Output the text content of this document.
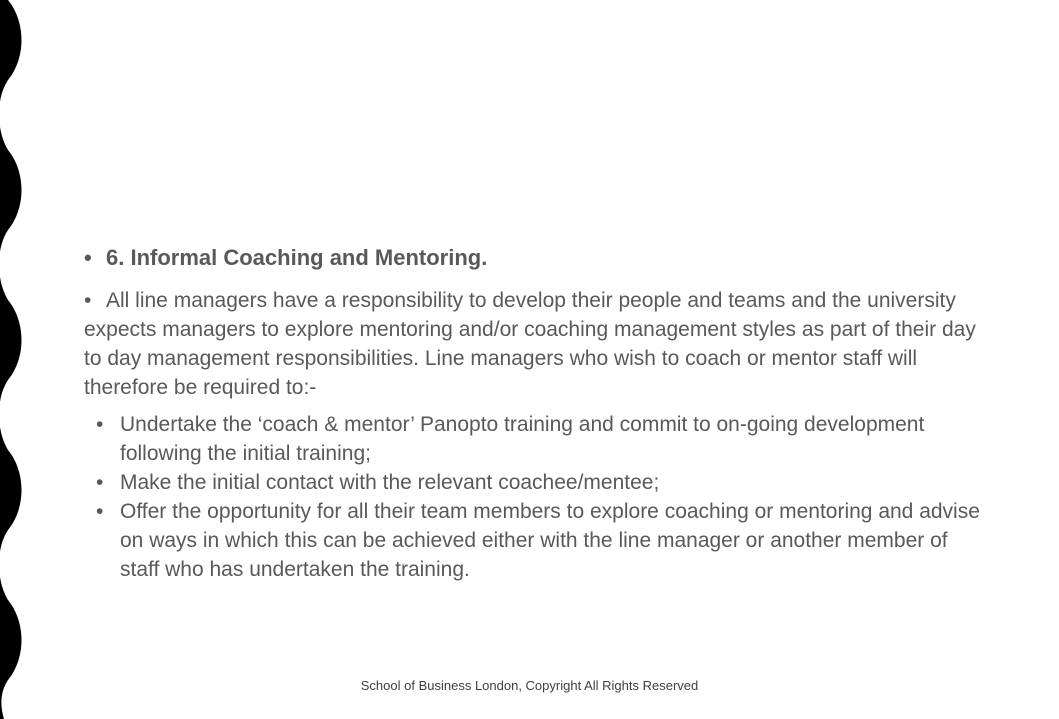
• 6. Informal Coaching and Mentoring.
• All line managers have a responsibility to develop their people and teams and the university expects managers to explore mentoring and/or coaching management styles as part of their day to day management responsibilities. Line managers who wish to coach or mentor staff will therefore be required to:-
• Undertake the ‘coach & mentor’ Panopto training and commit to on-going development following the initial training;
• Make the initial contact with the relevant coachee/mentee;
• Offer the opportunity for all their team members to explore coaching or mentoring and advise on ways in which this can be achieved either with the line manager or another member of staff who has undertaken the training.
School of Business London, Copyright All Rights Reserved
